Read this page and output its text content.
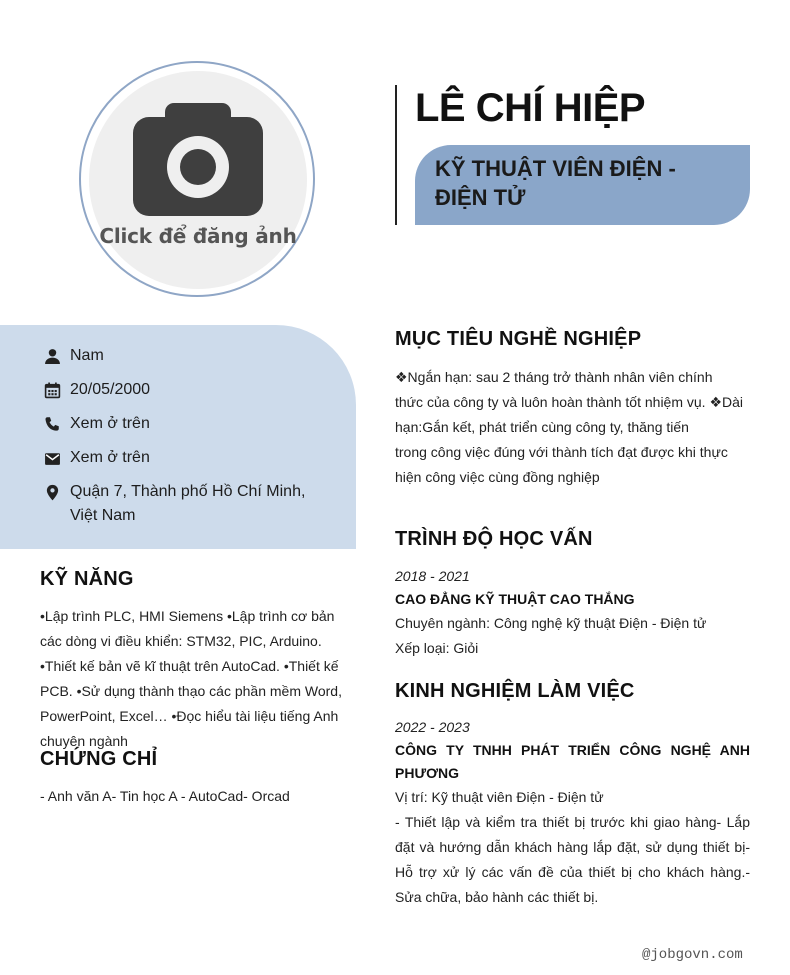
Click để đăng ảnh
LÊ CHÍ HIỆP
KỸ THUẬT VIÊN ĐIỆN - ĐIỆN TỬ
Nam
20/05/2000
Xem ở trên
Xem ở trên
Quận 7, Thành phố Hồ Chí Minh,
Việt Nam
KỸ NĂNG
•Lập trình PLC, HMI Siemens •Lập trình cơ bản các dòng vi điều khiển: STM32, PIC, Arduino. •Thiết kế bản vẽ kĩ thuật trên AutoCad. •Thiết kế PCB. •Sử dụng thành thạo các phần mềm Word, PowerPoint, Excel… •Đọc hiểu tài liệu tiếng Anh chuyên ngành
CHỨNG CHỈ
- Anh văn A- Tin học A - AutoCad- Orcad
MỤC TIÊU NGHỀ NGHIỆP
❖Ngắn hạn: sau 2 tháng trở thành nhân viên chính
thức của công ty và luôn hoàn thành tốt nhiệm vụ. ❖Dài
hạn:Gắn kết, phát triển cùng công ty, thăng tiến
trong công việc đúng với thành tích đạt được khi thực
hiện công việc cùng đồng nghiệp
TRÌNH ĐỘ HỌC VẤN
2018 - 2021
CAO ĐẲNG KỸ THUẬT CAO THẮNG
Chuyên ngành: Công nghệ kỹ thuật Điện - Điện tử
Xếp loại: Giỏi
KINH NGHIỆM LÀM VIỆC
2022 - 2023
CÔNG TY TNHH PHÁT TRIỂN CÔNG NGHỆ ANH PHƯƠNG
Vị trí: Kỹ thuật viên Điện - Điện tử
- Thiết lập và kiểm tra thiết bị trước khi giao hàng- Lắp đặt và hướng dẫn khách hàng lắp đặt, sử dụng thiết bị- Hỗ trợ xử lý các vấn đề của thiết bị cho khách hàng.- Sửa chữa, bảo hành các thiết bị.
@jobgovn.com
